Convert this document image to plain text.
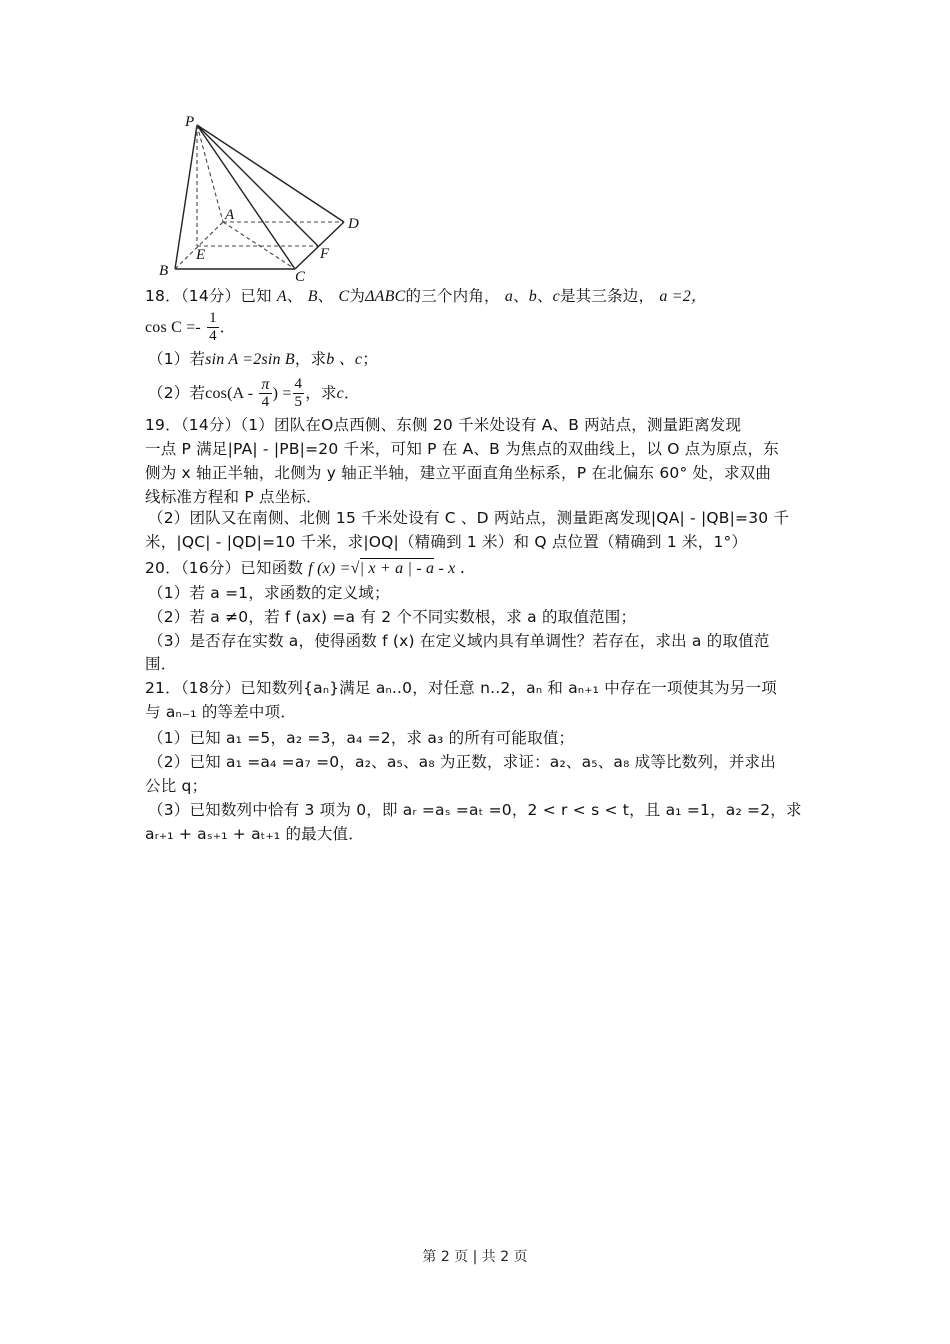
P
A
D
E	F
B	C
18．（14分）已知 A、 B、 C为ΔABC的三个内角， a、b、c是其三条边， a =2，
$\cos C =- \frac{1}{4}$ ．
（1）若sin A =2sin B，求b 、c；
（2）若$\cos(A - \frac{\pi}{4}$ ) = $\frac{4}{5}$ ，求c．
19．（14分）（1）团队在O点西侧、东侧 20 千米处设有 A、B 两站点，测量距离发现
一点 P 满足|PA| - |PB|=20 千米，可知 P 在 A、B 为焦点的双曲线上，以 O 点为原点，东
侧为 x 轴正半轴，北侧为 y 轴正半轴，建立平面直角坐标系，P 在北偏东 60° 处，求双曲
线标准方程和 P 点坐标．
（2）团队又在南侧、北侧 15 千米处设有 C 、D 两站点，测量距离发现|QA| - |QB|=30 千
米，|QC| - |QD|=10 千米，求|OQ|（精确到 1 米）和 Q 点位置（精确到 1 米，1°）
20．（16分）已知函数 f (x) =√| x + a | - a - x ．
（1）若 a =1，求函数的定义域；
（2）若 a ≠0，若 f (ax) =a 有 2 个不同实数根，求 a 的取值范围；
（3）是否存在实数 a，使得函数 f (x) 在定义域内具有单调性？若存在，求出 a 的取值范
围．
21．（18分）已知数列{aₙ}满足 aₙ..0，对任意 n..2，aₙ 和 aₙ₊₁ 中存在一项使其为另一项
与 aₙ₋₁ 的等差中项．
（1）已知 a₁ =5，a₂ =3，a₄ =2，求 a₃ 的所有可能取值；
（2）已知 a₁ =a₄ =a₇ =0，a₂、a₅、a₈ 为正数，求证：a₂、a₅、a₈ 成等比数列，并求出
公比 q；
（3）已知数列中恰有 3 项为 0，即 aᵣ =aₛ =aₜ =0，2 < r < s < t，且 a₁ =1，a₂ =2，求
aᵣ₊₁ + aₛ₊₁ + aₜ₊₁ 的最大值．
第 2 页 | 共 2 页
